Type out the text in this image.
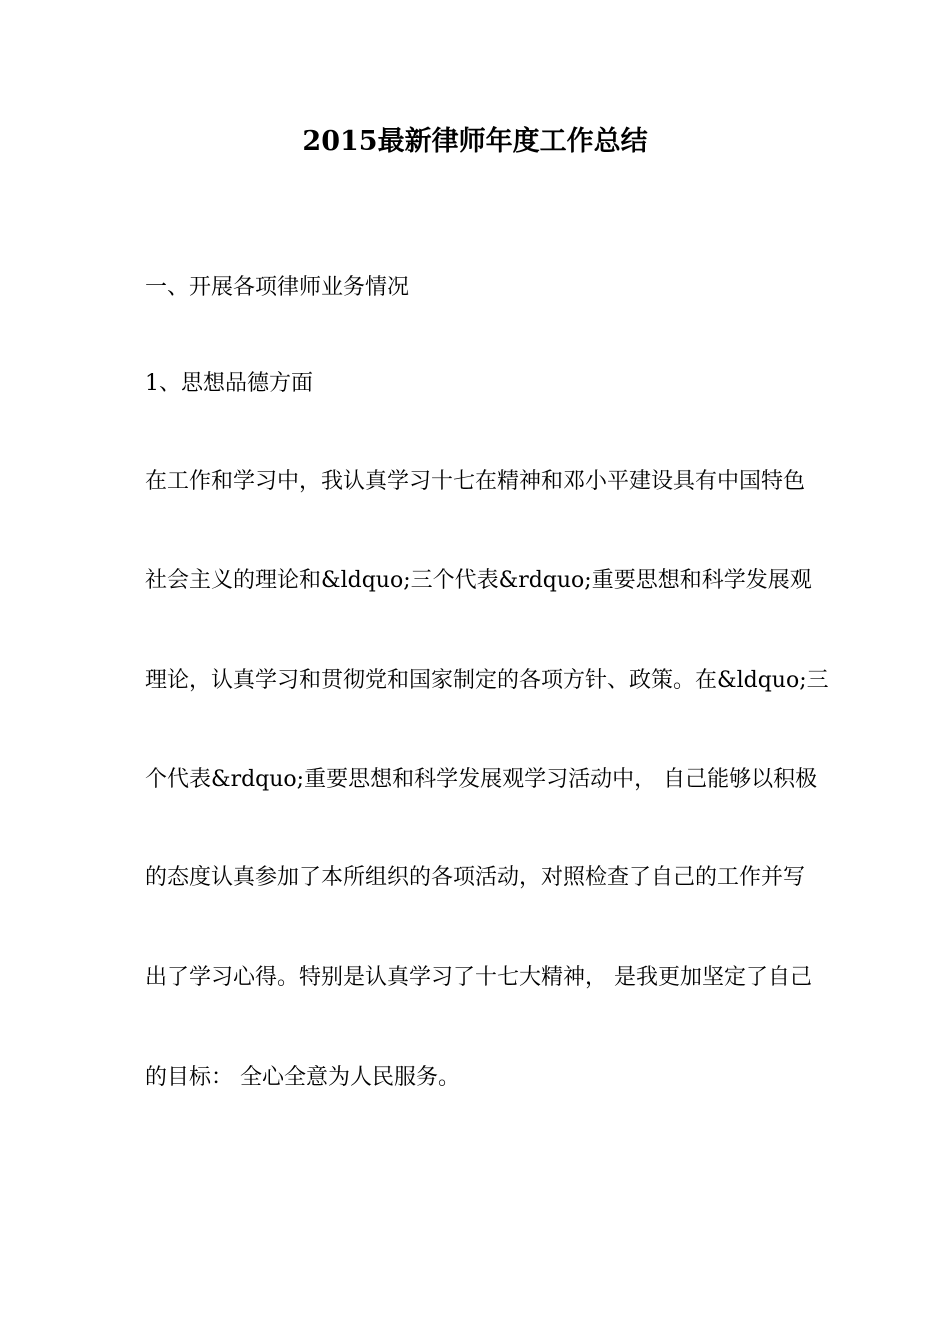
2015最新律师年度工作总结
一、开展各项律师业务情况
1、思想品德方面
在工作和学习中，我认真学习十七在精神和邓小平建设具有中国特色
社会主义的理论和&ldquo;三个代表&rdquo;重要思想和科学发展观
理论，认真学习和贯彻党和国家制定的各项方针、政策。在&ldquo;三
个代表&rdquo;重要思想和科学发展观学习活动中， 自己能够以积极
的态度认真参加了本所组织的各项活动，对照检查了自己的工作并写
出了学习心得。特别是认真学习了十七大精神， 是我更加坚定了自己
的目标： 全心全意为人民服务。
